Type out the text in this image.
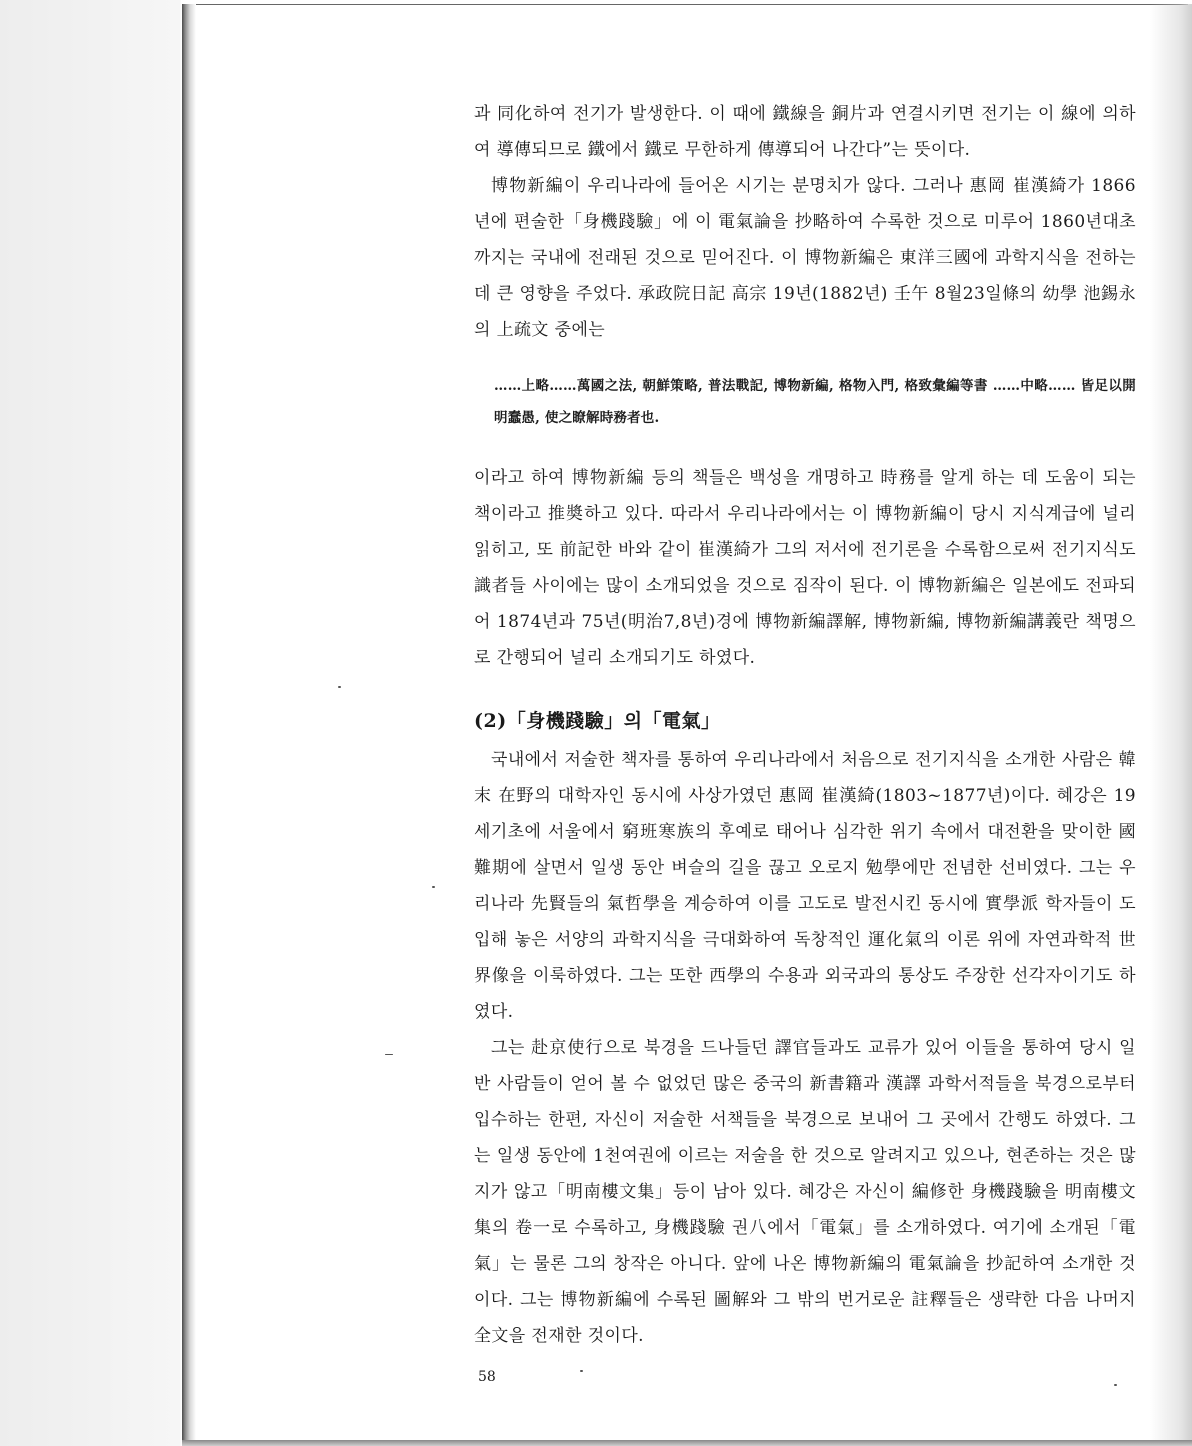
과 同化하여 전기가 발생한다. 이 때에 鐵線을 銅片과 연결시키면 전기는 이 線에 의하여 導傳되므로 鐵에서 鐵로 무한하게 傳導되어 나간다”는 뜻이다.

博物新編이 우리나라에 들어온 시기는 분명치가 않다. 그러나 惠岡 崔漢綺가 1866년에 편술한「身機踐驗」에 이 電氣論을 抄略하여 수록한 것으로 미루어 1860년대초까지는 국내에 전래된 것으로 믿어진다. 이 博物新編은 東洋三國에 과학지식을 전하는 데 큰 영향을 주었다. 承政院日記 高宗 19년(1882년) 壬午 8월23일條의 幼學 池錫永의 上疏文 중에는

……上略……萬國之法, 朝鮮策略, 普法戰記, 博物新編, 格物入門, 格致彙編等書 ……中略…… 皆足以開明蠢愚, 使之瞭解時務者也.

이라고 하여 博物新編 등의 책들은 백성을 개명하고 時務를 알게 하는 데 도움이 되는 책이라고 推奬하고 있다. 따라서 우리나라에서는 이 博物新編이 당시 지식계급에 널리 읽히고, 또 前記한 바와 같이 崔漢綺가 그의 저서에 전기론을 수록함으로써 전기지식도 識者들 사이에는 많이 소개되었을 것으로 짐작이 된다. 이 博物新編은 일본에도 전파되어 1874년과 75년(明治7,8년)경에 博物新編譯解, 博物新編, 博物新編講義란 책명으로 간행되어 널리 소개되기도 하였다.

(2)「身機踐驗」의「電氣」

국내에서 저술한 책자를 통하여 우리나라에서 처음으로 전기지식을 소개한 사람은 韓末 在野의 대학자인 동시에 사상가였던 惠岡 崔漢綺(1803~1877년)이다. 혜강은 19세기초에 서울에서 窮班寒族의 후예로 태어나 심각한 위기 속에서 대전환을 맞이한 國難期에 살면서 일생 동안 벼슬의 길을 끊고 오로지 勉學에만 전념한 선비였다. 그는 우리나라 先賢들의 氣哲學을 계승하여 이를 고도로 발전시킨 동시에 實學派 학자들이 도입해 놓은 서양의 과학지식을 극대화하여 독창적인 運化氣의 이론 위에 자연과학적 世界像을 이룩하였다. 그는 또한 西學의 수용과 외국과의 통상도 주장한 선각자이기도 하였다.

그는 赴京使行으로 북경을 드나들던 譯官들과도 교류가 있어 이들을 통하여 당시 일반 사람들이 얻어 볼 수 없었던 많은 중국의 新書籍과 漢譯 과학서적들을 북경으로부터 입수하는 한편, 자신이 저술한 서책들을 북경으로 보내어 그 곳에서 간행도 하였다. 그는 일생 동안에 1천여권에 이르는 저술을 한 것으로 알려지고 있으나, 현존하는 것은 많지가 않고「明南樓文集」등이 남아 있다. 혜강은 자신이 編修한 身機踐驗을 明南樓文集의 卷一로 수록하고, 身機踐驗 권八에서「電氣」를 소개하였다. 여기에 소개된「電氣」는 물론 그의 창작은 아니다. 앞에 나온 博物新編의 電氣論을 抄記하여 소개한 것이다. 그는 博物新編에 수록된 圖解와 그 밖의 번거로운 註釋들은 생략한 다음 나머지 全文을 전재한 것이다.

58
